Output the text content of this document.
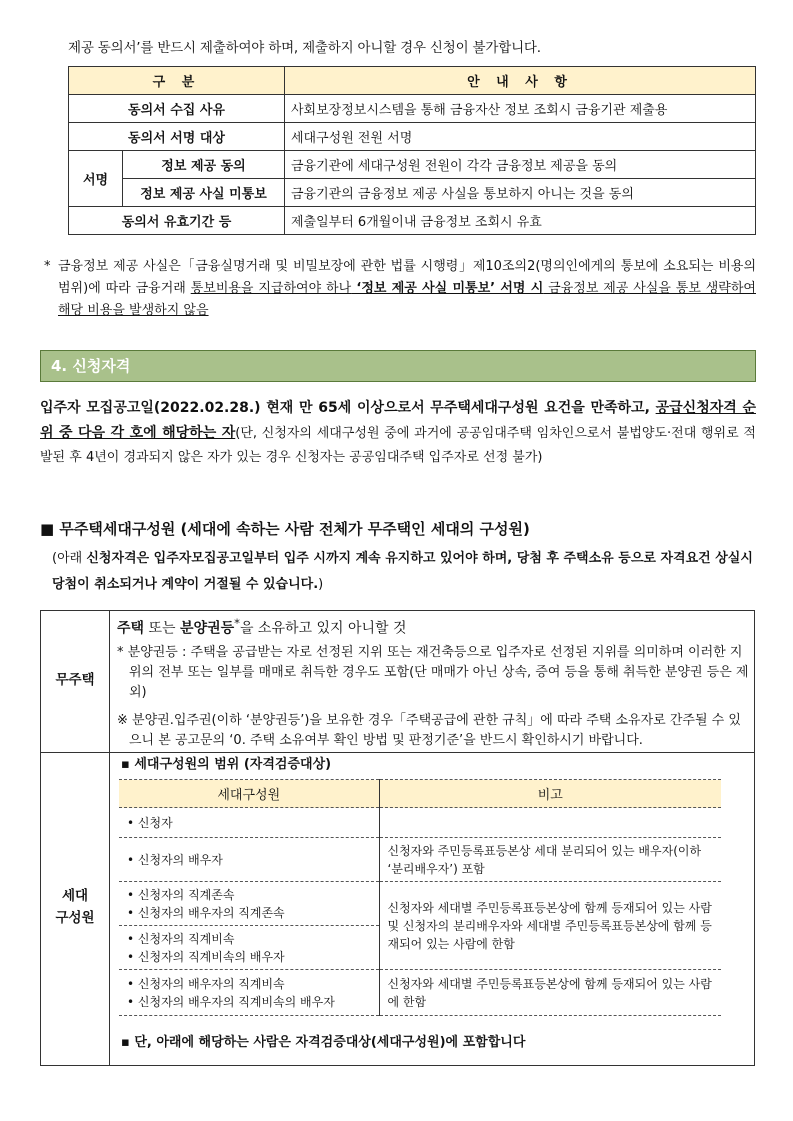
제공 동의서’를 반드시 제출하여야 하며, 제출하지 아니할 경우 신청이 불가합니다.
구 분		안 내 사 항
동의서 수집 사유		사회보장정보시스템을 통해 금융자산 정보 조회시 금융기관 제출용
동의서 서명 대상		세대구성원 전원 서명
서명	정보 제공 동의	금융기관에 세대구성원 전원이 각각 금융정보 제공을 동의
	정보 제공 사실 미통보	금융기관의 금융정보 제공 사실을 통보하지 아니는 것을 동의
동의서 유효기간 등		제출일부터 6개월이내 금융정보 조회시 유효
* 금융정보 제공 사실은「금융실명거래 및 비밀보장에 관한 법률 시행령」제10조의2(명의인에게의 통보에 소요되는 비용의 범위)에 따라 금융거래 통보비용을 지급하여야 하나 ‘정보 제공 사실 미통보’ 서명 시 금융정보 제공 사실을 통보 생략하여 해당 비용을 발생하지 않음
4. 신청자격
입주자 모집공고일(2022.02.28.) 현재 만 65세 이상으로서 무주택세대구성원 요건을 만족하고, 공급신청자격 순위 중 다음 각 호에 해당하는 자(단, 신청자의 세대구성원 중에 과거에 공공임대주택 임차인으로서 불법양도·전대 행위로 적발된 후 4년이 경과되지 않은 자가 있는 경우 신청자는 공공임대주택 입주자로 선정 불가)
■ 무주택세대구성원 (세대에 속하는 사람 전체가 무주택인 세대의 구성원)
(아래 신청자격은 입주자모집공고일부터 입주 시까지 계속 유지하고 있어야 하며, 당첨 후 주택소유 등으로 자격요건 상실시 당첨이 취소되거나 계약이 거절될 수 있습니다.)
무주택
주택 또는 분양권등*을 소유하고 있지 아니할 것
* 분양권등 : 주택을 공급받는 자로 선정된 지위 또는 재건축등으로 입주자로 선정된 지위를 의미하며 이러한 지위의 전부 또는 일부를 매매로 취득한 경우도 포함(단 매매가 아닌 상속, 증여 등을 통해 취득한 분양권 등은 제외)
※ 분양권.입주권(이하 ‘분양권등’)을 보유한 경우「주택공급에 관한 규칙」에 따라 주택 소유자로 간주될 수 있으니 본 공고문의 ‘0. 주택 소유여부 확인 방법 및 판정기준’을 반드시 확인하시기 바랍니다.
세대
구성원
▪ 세대구성원의 범위 (자격검증대상)
세대구성원	비고
• 신청자	
• 신청자의 배우자	신청자와 주민등록표등본상 세대 분리되어 있는 배우자(이하 ‘분리배우자’) 포함

• 신청자의 직계존속
• 신청자의 배우자의 직계존속	신청자와 세대별 주민등록표등본상에 함께 등재되어 있는 사람 및 신청자의 분리배우자와 세대별 주민등록표등본상에 함께 등재되어 있는 사람에 한함

• 신청자의 직계비속
• 신청자의 직계비속의 배우자	

• 신청자의 배우자의 직계비속
• 신청자의 배우자의 직계비속의 배우자	신청자와 세대별 주민등록표등본상에 함께 등재되어 있는 사람에 한함
▪ 단, 아래에 해당하는 사람은 자격검증대상(세대구성원)에 포함합니다
